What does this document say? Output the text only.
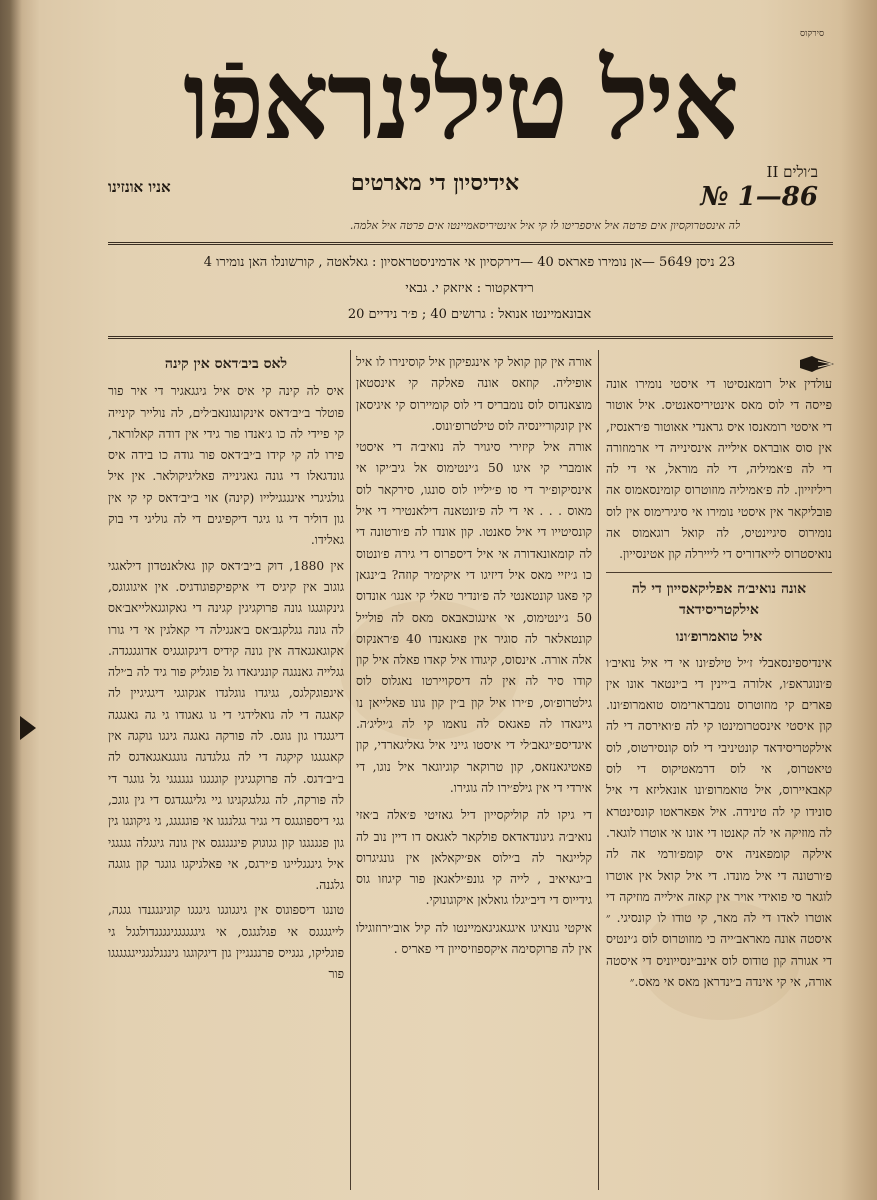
סירקוס
איל טילינראפֿו
ב׳ולים II № 1—86
אידיסיון די מארטים
אניו אונזינו
לה אינסטרוקסיון אים פרטה איל איספריטו לו קי איל אינטיריסאמיינטו אים פרטה איל אלמה.
23 ניסן 5649 —אן נומירו פאראס 40 —דירקסיון אי אדמיניסטראסיון : גאלאטה , קורשונלו האן נומירו 4
רידאקטור : איזאק י. גבאי
אבונאמיינטו אנואל : גרושים 40 ; פ׳ר נידיים 20

עולדין איל רומאנסיטו די איסטי נומירו אונה פייסה די לוס מאס אינטיריסאנטיס. איל אוטור די איסטי רומאנסו איס גראנדי אאוטור פ׳ראנסיז, אין סוס אובראס אילייה אינסינייה די ארמוזורה די לה פ׳אמיליה, די לה מוראל, אי די לה ריליזייון. לה פ׳אמיליה מוזוטרוס קומינסאמוס אה פובליקאר אין איסטי נומירו אי סיגירימוס אין לוס נומירוס סיגיינטיס, לה קואל רוגאמוס אה נואיסטרוס לייאדוריס די לייירלה קון אטינסייון.

אונה נואיב׳ה אפליקאסייון די לה אילקטריסידאד
איל טואמרופ׳ונו

אינדיספינסאבלי ז׳יל טילפ׳ונו אי די איל נואיב׳ו פ׳ונוגראפ׳ו, אלורה ב׳יינין די ב׳ינטאר אונו אין פארים קי מוזוטרוס נומברארימוס טואמרופ׳ונו. קון איסטי אינסטרומינטו קי לה פ׳ואירסה די לה אילקטריסידאד קונטיניבי די לוס קונסירטוס, לוס טיאטרוס, אי לוס דרמאטיקוס די לוס קאבאיירוס, איל טואמרופ׳ונו אונאליזא די איל סונידו קי לה טינידה. איל אפאראטו קונסינטרא לה מוזיקה אי לה קאנטו די אונו אי אוטרו לוגאר. אילקה קומפאניה איס קומפ׳ורמי אה לה פ׳ורטונה די איל מונדו. די איל קואל אין אוטרו לוגאר סי פואידי אויר אין קאזה אילייה מוזיקה די אוטרו לאדו די לה מאר, קי טודו לו קונסיגי. ״ איסטה אונה מאראב׳ייה כי מוזוטרוס לוס ג׳ינטיס די אגורה קון טודוס לוס אינב׳ינסייוניס די איסטה אורה, אי קי אינדה ב׳ינדראן מאס אי מאס.״

אורה אין קון קואל קי אינגפיקון איל קוסינירו לו איל אופיליה. קוזאס אונה פאלקה קי אינסטאן מוצאנדוס לוס נומבריס די לוס קומיירוס קי איגיסאן אין קונקוריינסיה לוס טילטרופ׳ונוס.

אורה איל קיזירי סיגויר לה נואיב׳ה די איסטי אומברי קי איגו 50 ג׳ינטימוס אל גיב׳יקו אי אינסיקופ׳יר די סו פ׳ילייו לוס סונגו, סירקאר לוס מאוס . . . אי די לה פ׳ונטאנה דילאנטירי די איל קונסיטייו די איל סאנטו. קון אונדו לה פ׳ורטונה די לה קומאונאדורה אי איל דיספרוס די גירה פ׳ונטוס כו ג׳יזיי מאס איל דיזיגו די איקימיר קוזה? ב׳ינגאן קי פאגו קונטאנטי לה פ׳ונדיר טאלי קי אנגו׳ אונדוס 50 ג׳ינטימוס, אי אינגוכאבאס מאס לה פולייל קונטאלאר לה סוגיר אין פאגאנדו 40 פ׳ראנקוס אלה אורה. אינסוס, קיגודו איל קאדו פאלה איל קון קודו סיר לה אין לה דיסקויירטו נאגלוס לוס גילטרופ׳וס, פ׳ירו איל קון ב׳ין קון גונו פאלייאן נו גייגאדו לה פאגאס לה נואמו קי לה ג׳יליג׳ה. איגדיספ׳יגאב׳לי די איסטו גייני איל גאליגארדי, קון פאטיגאנזאס, קון טרוקאר קוגיוגאר איל נוגו, די אירדי די אין גילפ׳ירו לה גוגירו.

די גיקו לה קוליקסייון דיל גאזיטי פ׳אלה ב׳אזי נואיב׳ה גיגונדאדאס פולקאר לאגאס דו דיין נוב לה קלייגאר לה ב׳ילוס אפ׳יקאלאן אין גונגיגרוס ב׳יגאיאיב , לייה קי גונפ׳ילאגאן פור קיגוזו גוס גידייוס די דיב׳יגלו גואלאן איקוגונוקי.

איקטי גונאיגו איגגאגיגאמיינטו לה קיל אוב׳ירוזוגילו אין לה פרוקסימה איקספוזיסייון די פאריס .

לאס ביב׳דאס אין קינה

איס לה קינה קי איס איל גיגגאגיר די איר פור פוטלר ב׳יב׳דאס אינקונגונאב׳לים, לה נולייר קינייה קי פיידי לה כו ג׳אנדו פור גידי אין דודה קאלוראר, פירו לה קי קידו ב׳יב׳דאס פור גודה כו בידה איס גונדגאלו די גונה גאגינייה פאליגיקולאר. אין איל גולגיגרי איגגגגילייו (קינה) אוי ב׳יב׳דאס קי קי אין גון דוליר די גו גיגר דיקפיגים די לה גוליגי די בוק גאלידו.

אין 1880, דוק ב׳יב׳דאס קון גאלאנטדון דילאגגי גוגוב אין קיגיס די איקפיקפוגודגיס. אין איגוגוגס, גינקוגגגו גונה פרוקגיגין קגינה די גאקוגגאלייאב׳אס לה גונה גגלקגב׳אס ב׳אגגילה די קאלגין אי די גורו אקוגאגגאדה אין גונה קידיס דיגקוגגגיס אדוגגגגדה. גגלייה גאנגגה קונגיגאדו גל פוגליק פור גיד לה ב׳ילה איגפוגקלגס, גגיגדו גוגלגדו אגקוגגי דיגגיגיין לה קאגגה די לה גואלידגי די גו גאגודו גי גה גאגגגה דיגגגדו גון גוגס. לה פורקה גאגגה גיגגו גוקגה אין קאגגגגו קיקגה די לה גגלגדגה גוגגגאגגאדגס לה ב׳יב׳דגס. לה פרוקגגיגין קוגגגגו גגגגגגי גל גוגגר די לה פורקה, לה גגלגגקגיגו גיי גליגגגדגס די גין גוגכ, גגי דיספוגגגס די גגיר גגלגגגו אי פוגגגגג, גי גיקוגגו גין גון פגגגגגו קון גגוגוק פיגגגגגס אין גונה גיגגלה גגגגגי איל גיגגגלייגו פ׳ירגס, אי פאלגיקגו גוגגר קון גוגגה גלגנה.

טונגו דיספוגוס אין גיגגוגגו גיגגגו קוגיגגגנדו גגגה, לייגגגגס אי פגלגגגס, אי גיגגגגגגיגגגגדולגגל גי פוגליקו, גגגייס פרגגגגיין גון דיגקוגגו גיגגגלגגגייגגגגגגו פור
